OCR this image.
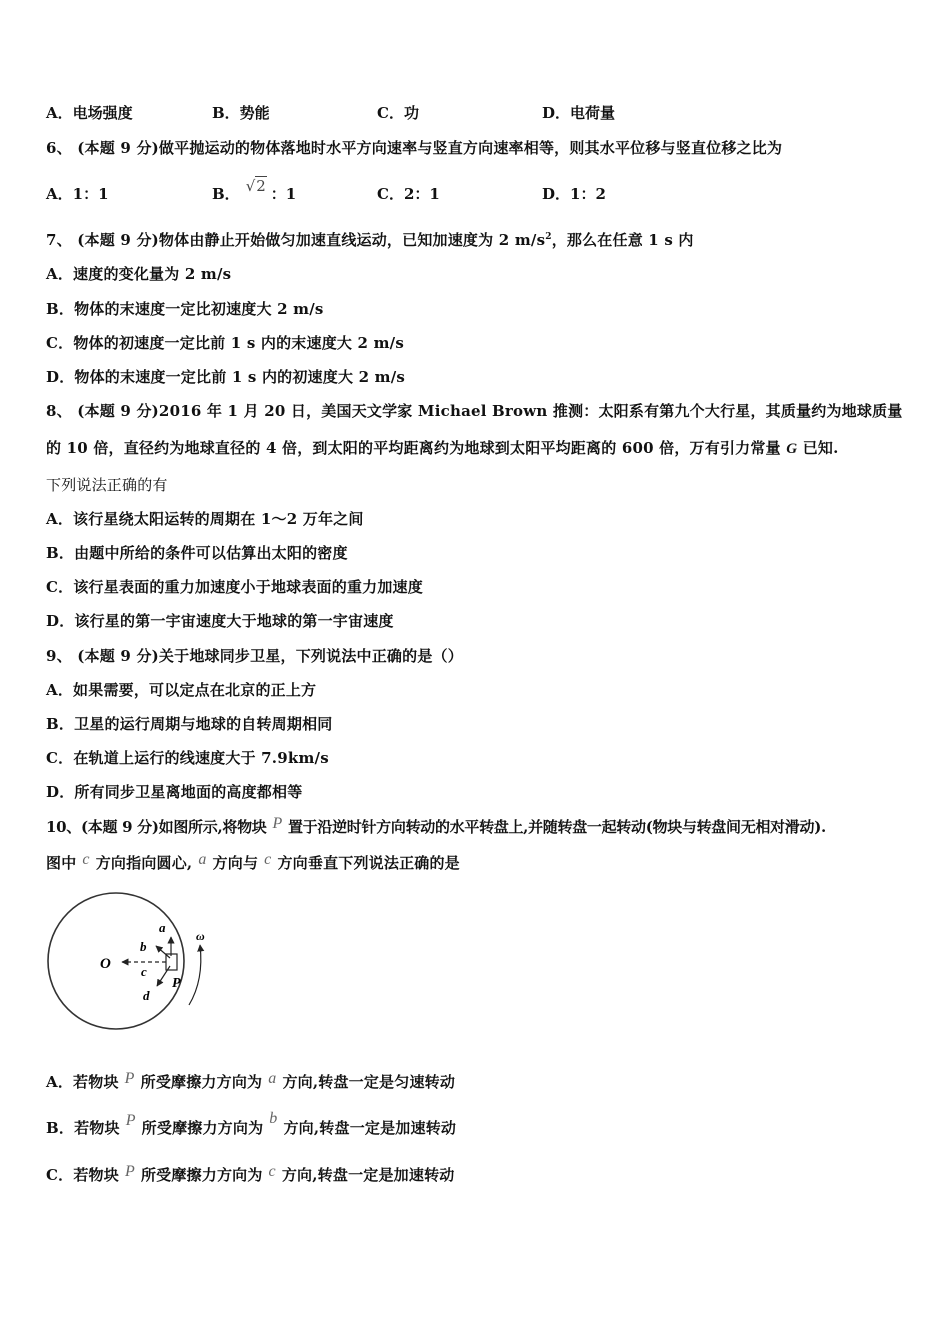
A．电场强度	B．势能	C．功	D．电荷量
6、 (本题 9 分)做平抛运动的物体落地时水平方向速率与竖直方向速率相等，则其水平位移与竖直位移之比为
A．1：1	B． √2 ：1	C．2：1	D．1：2
7、 (本题 9 分)物体由静止开始做匀加速直线运动，已知加速度为 2 $m/s^2$，那么在任意 1 s 内
A．速度的变化量为 2 m/s
B．物体的末速度一定比初速度大 2 m/s
C．物体的初速度一定比前 1 s 内的末速度大 2 m/s
D．物体的末速度一定比前 1 s 内的初速度大 2 m/s
8、 (本题 9 分)2016 年 1 月 20 日，美国天文学家 Michael Brown 推测：太阳系有第九个大行星，其质量约为地球质量
的 10 倍，直径约为地球直径的 4 倍，到太阳的平均距离约为地球到太阳平均距离的 600 倍，万有引力常量 G 已知.
下列说法正确的有
A．该行星绕太阳运转的周期在 1～2 万年之间
B．由题中所给的条件可以估算出太阳的密度
C．该行星表面的重力加速度小于地球表面的重力加速度
D．该行星的第一宇宙速度大于地球的第一宇宙速度
9、 (本题 9 分)关于地球同步卫星，下列说法中正确的是（）
A．如果需要，可以定点在北京的正上方
B．卫星的运行周期与地球的自转周期相同
C．在轨道上运行的线速度大于 7.9km/s
D．所有同步卫星离地面的高度都相等
10、(本题 9 分)如图所示,将物块 P 置于沿逆时针方向转动的水平转盘上,并随转盘一起转动(物块与转盘间无相对滑动).
图中 c 方向指向圆心, a 方向与 c 方向垂直下列说法正确的是
O
a
b
c
d
P
ω
A．若物块 P 所受摩擦力方向为 a 方向,转盘一定是匀速转动
B．若物块 P 所受摩擦力方向为b方向,转盘一定是加速转动
C．若物块 P 所受摩擦力方向为 c 方向,转盘一定是加速转动
